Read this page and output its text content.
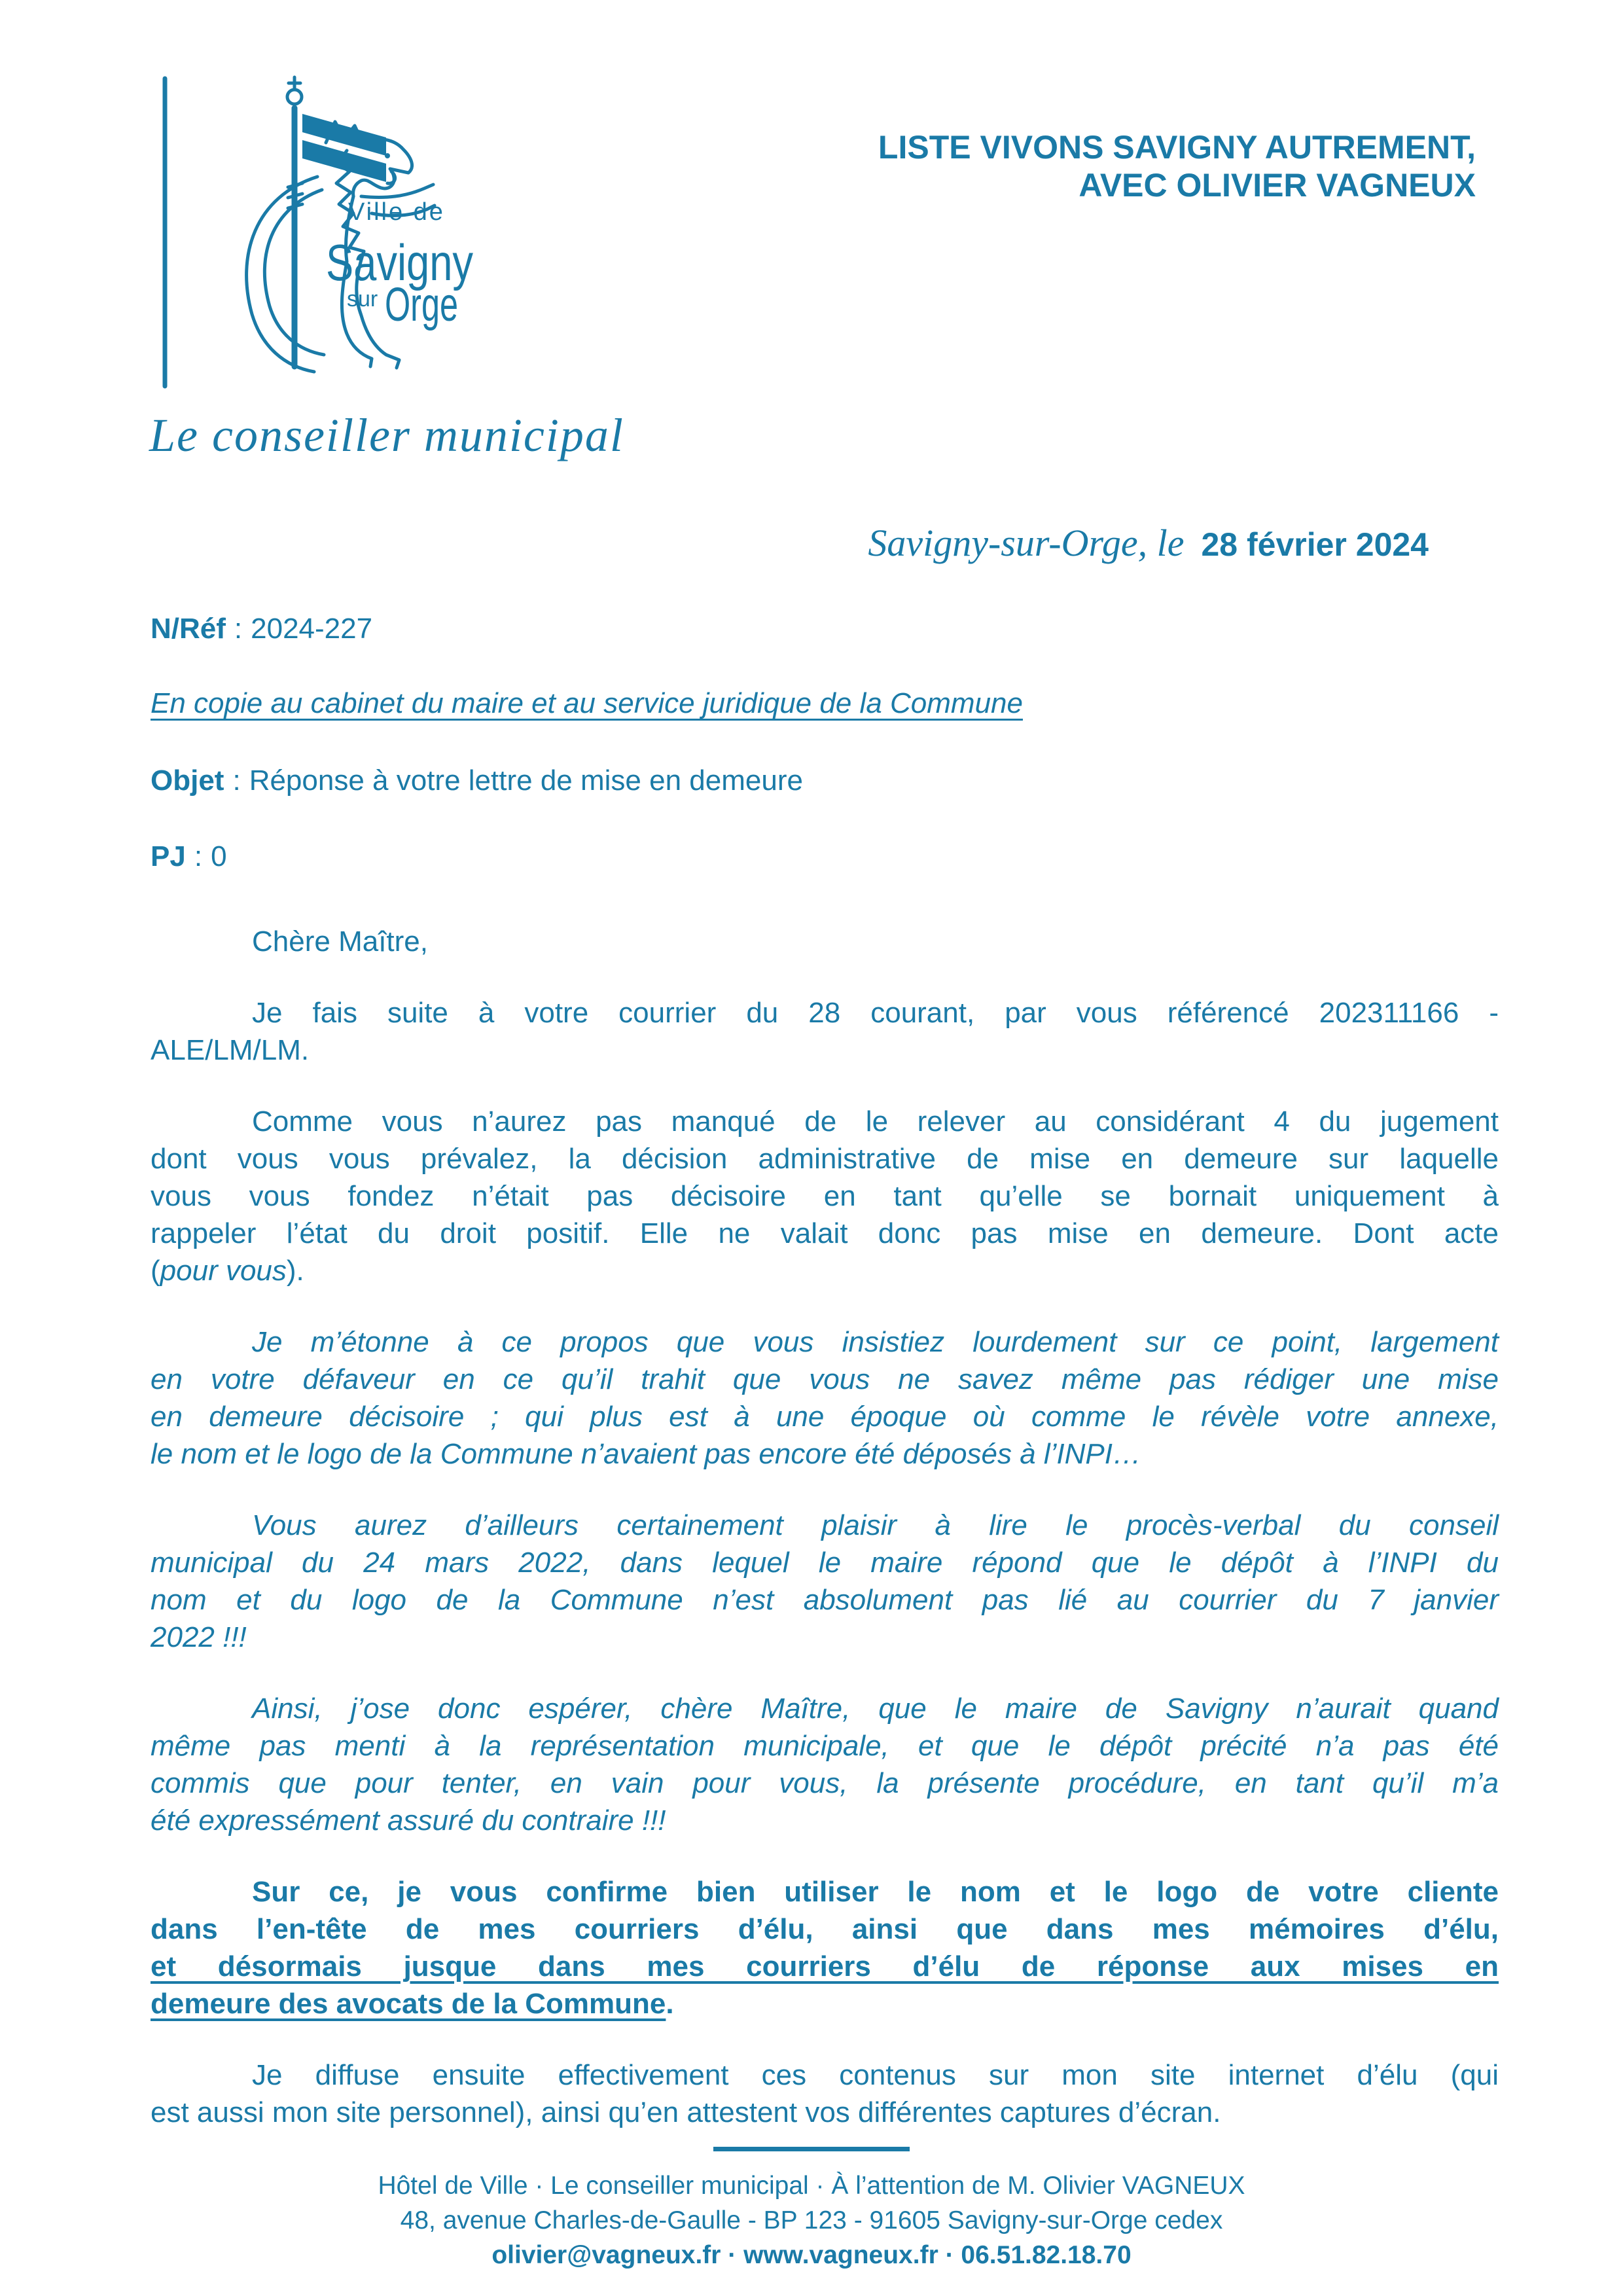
Ville de
Savigny
sur Orge
LISTE VIVONS SAVIGNY AUTREMENT,
AVEC OLIVIER VAGNEUX
Le conseiller municipal
Savigny-sur-Orge, le 28 février 2024
N/Réf : 2024-227
En copie au cabinet du maire et au service juridique de la Commune
Objet : Réponse à votre lettre de mise en demeure
PJ : 0
Chère Maître,
Je fais suite à votre courrier du 28 courant, par vous référencé 202311166 -
ALE/LM/LM.
Comme vous n’aurez pas manqué de le relever au considérant 4 du jugement
dont vous vous prévalez, la décision administrative de mise en demeure sur laquelle
vous vous fondez n’était pas décisoire en tant qu’elle se bornait uniquement à
rappeler l’état du droit positif. Elle ne valait donc pas mise en demeure. Dont acte
(pour vous).
Je m’étonne à ce propos que vous insistiez lourdement sur ce point, largement
en votre défaveur en ce qu’il trahit que vous ne savez même pas rédiger une mise
en demeure décisoire ; qui plus est à une époque où comme le révèle votre annexe,
le nom et le logo de la Commune n’avaient pas encore été déposés à l’INPI…
Vous aurez d’ailleurs certainement plaisir à lire le procès-verbal du conseil
municipal du 24 mars 2022, dans lequel le maire répond que le dépôt à l’INPI du
nom et du logo de la Commune n’est absolument pas lié au courrier du 7 janvier
2022 !!!
Ainsi, j’ose donc espérer, chère Maître, que le maire de Savigny n’aurait quand
même pas menti à la représentation municipale, et que le dépôt précité n’a pas été
commis que pour tenter, en vain pour vous, la présente procédure, en tant qu’il m’a
été expressément assuré du contraire !!!
Sur ce, je vous confirme bien utiliser le nom et le logo de votre cliente
dans l’en-tête de mes courriers d’élu, ainsi que dans mes mémoires d’élu,
et désormais jusque dans mes courriers d’élu de réponse aux mises en
demeure des avocats de la Commune.
Je diffuse ensuite effectivement ces contenus sur mon site internet d’élu (qui
est aussi mon site personnel), ainsi qu’en attestent vos différentes captures d’écran.
Hôtel de Ville · Le conseiller municipal · À l’attention de M. Olivier VAGNEUX
48, avenue Charles-de-Gaulle - BP 123 - 91605 Savigny-sur-Orge cedex
olivier@vagneux.fr · www.vagneux.fr · 06.51.82.18.70
